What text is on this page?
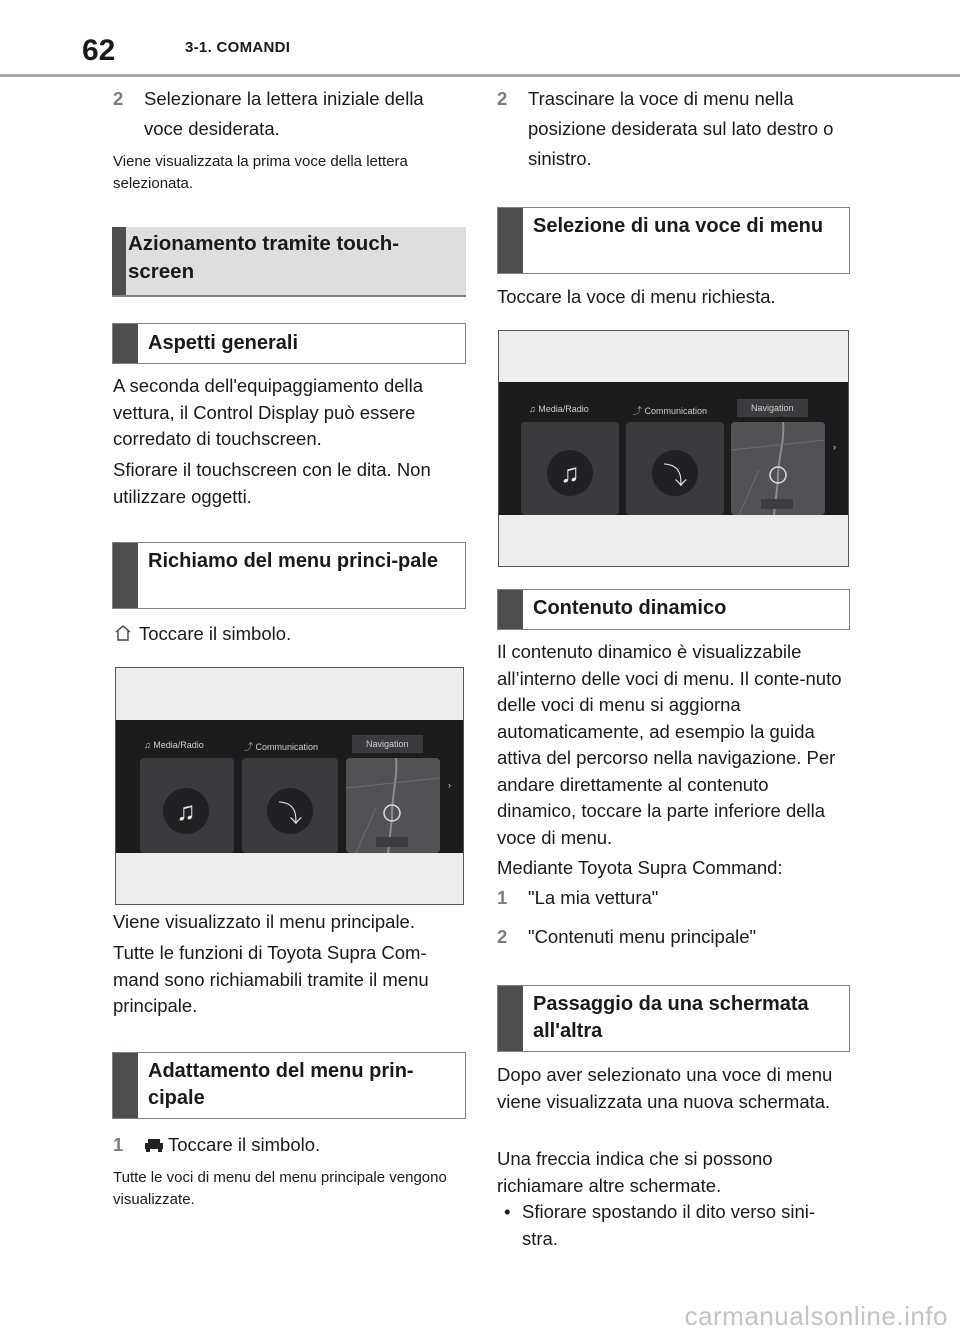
62	3-1. COMANDI
2	Selezionare la lettera iniziale della voce desiderata.
Viene visualizzata la prima voce della lettera selezionata.
Azionamento tramite touch-screen
Aspetti generali
A seconda dell'equipaggiamento della vettura, il Control Display può essere corredato di touchscreen.
Sfiorare il touchscreen con le dita. Non utilizzare oggetti.
Richiamo del menu princi-pale
Toccare il simbolo.
♫ Media/Radio	⤴ Communication	Navigation
♫	⤵
›
Viene visualizzato il menu principale.
Tutte le funzioni di Toyota Supra Com-mand sono richiamabili tramite il menu principale.
Adattamento del menu prin-cipale
1	Toccare il simbolo.
Tutte le voci di menu del menu principale vengono visualizzate.
2	Trascinare la voce di menu nella posizione desiderata sul lato destro o sinistro.
Selezione di una voce di menu
Toccare la voce di menu richiesta.
♫ Media/Radio	⤴ Communication	Navigation
♫	⤵
›
Contenuto dinamico
Il contenuto dinamico è visualizzabile all’interno delle voci di menu. Il conte-nuto delle voci di menu si aggiorna automaticamente, ad esempio la guida attiva del percorso nella navigazione. Per andare direttamente al contenuto dinamico, toccare la parte inferiore della voce di menu.
Mediante Toyota Supra Command:
1	"La mia vettura"
2	"Contenuti menu principale"
Passaggio da una schermata all'altra
Dopo aver selezionato una voce di menu viene visualizzata una nuova schermata.
Una freccia indica che si possono richiamare altre schermate.
• Sfiorare spostando il dito verso sini-stra.
carmanualsonline.info
